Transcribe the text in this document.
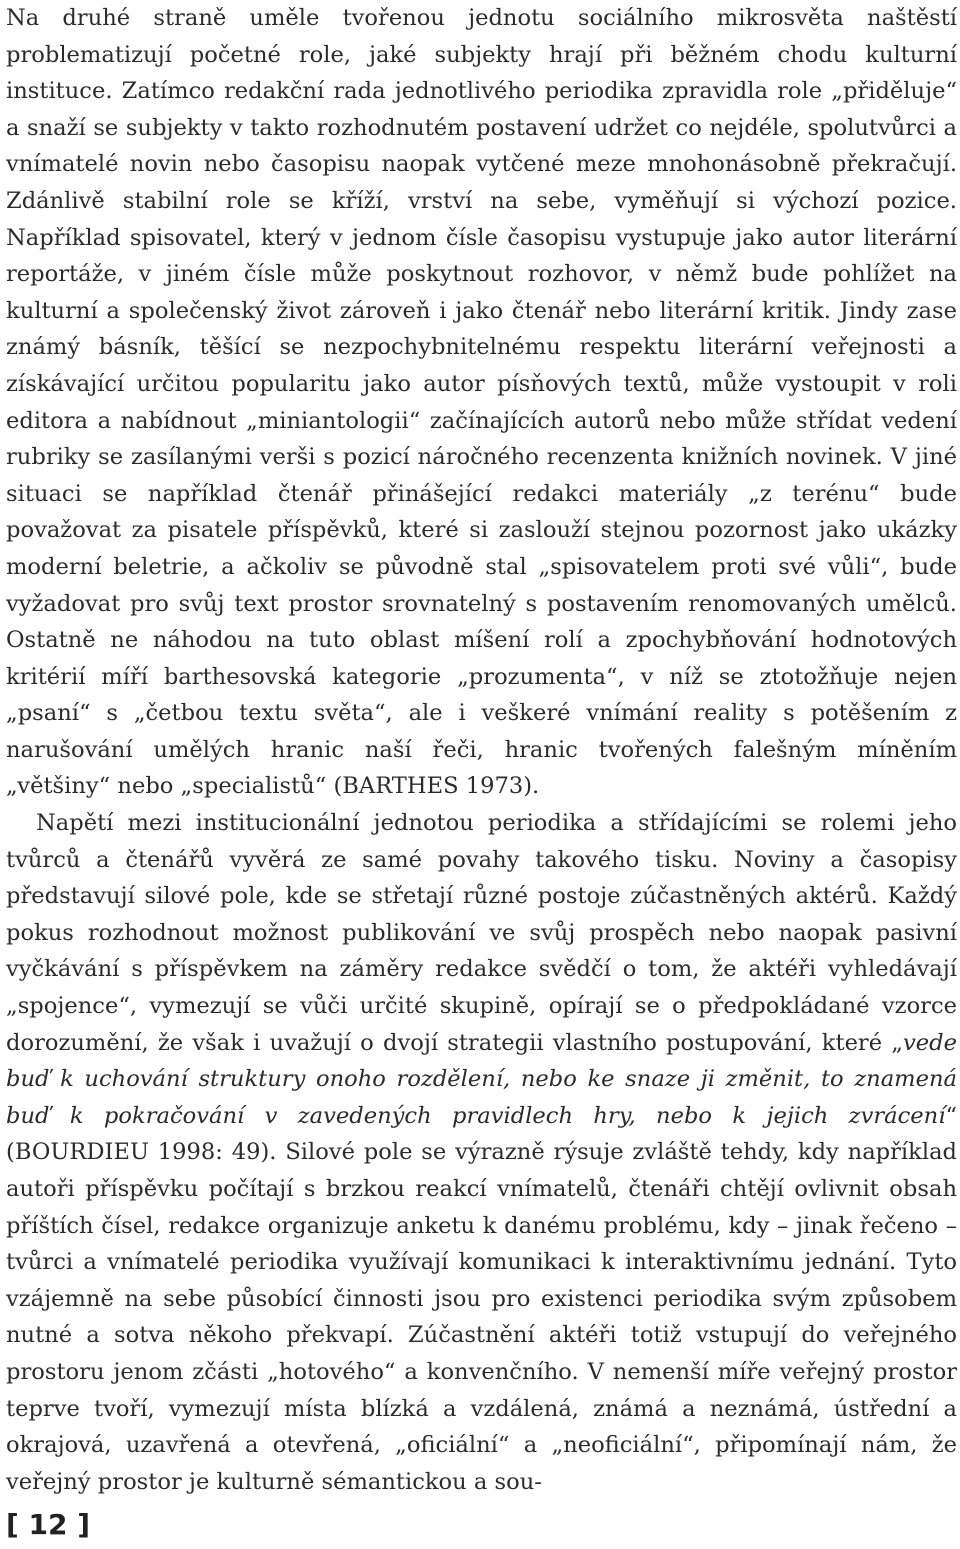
Na druhé straně uměle tvořenou jednotu sociálního mikrosvěta naštěstí problematizují početné role, jaké subjekty hrají při běžném chodu kulturní instituce. Zatímco redakční rada jednotlivého periodika zpravidla role „přiděluje“ a snaží se subjekty v takto rozhodnutém postavení udržet co nejdéle, spolutvůrci a vnímatelé novin nebo časopisu naopak vytčené meze mnohonásobně překračují. Zdánlivě stabilní role se kříží, vrství na sebe, vyměňují si výchozí pozice. Například spisovatel, který v jednom čísle časopisu vystupuje jako autor literární reportáže, v jiném čísle může poskytnout rozhovor, v němž bude pohlížet na kulturní a společenský život zároveň i jako čtenář nebo literární kritik. Jindy zase známý básník, těšící se nezpochybnitelnému respektu literární veřejnosti a získávající určitou popularitu jako autor písňových textů, může vystoupit v roli editora a nabídnout „miniantologii“ začínajících autorů nebo může střídat vedení rubriky se zasílanými verši s pozicí náročného recenzenta knižních novinek. V jiné situaci se například čtenář přinášející redakci materiály „z terénu“ bude považovat za pisatele příspěvků, které si zaslouží stejnou pozornost jako ukázky moderní beletrie, a ačkoliv se původně stal „spisovatelem proti své vůli“, bude vyžadovat pro svůj text prostor srovnatelný s postavením renomovaných umělců. Ostatně ne náhodou na tuto oblast míšení rolí a zpochybňování hodnotových kritérií míří barthesovská kategorie „prozumenta“, v níž se ztotožňuje nejen „psaní“ s „četbou textu světa“, ale i veškeré vnímání reality s potěšením z narušování umělých hranic naší řeči, hranic tvořených falešným míněním „většiny“ nebo „specialistů“ (BARTHES 1973).

Napětí mezi institucionální jednotou periodika a střídajícími se rolemi jeho tvůrců a čtenářů vyvěrá ze samé povahy takového tisku. Noviny a časopisy představují silové pole, kde se střetají různé postoje zúčastněných aktérů. Každý pokus rozhodnout možnost publikování ve svůj prospěch nebo naopak pasivní vyčkávání s příspěvkem na záměry redakce svědčí o tom, že aktéři vyhledávají „spojence“, vymezují se vůči určité skupině, opírají se o předpokládané vzorce dorozumění, že však i uvažují o dvojí strategii vlastního postupování, které „vede buď k uchování struktury onoho rozdělení, nebo ke snaze ji změnit, to znamená buď k pokračování v zavedených pravidlech hry, nebo k jejich zvrácení“ (BOURDIEU 1998: 49). Silové pole se výrazně rýsuje zvláště tehdy, kdy například autoři příspěvku počítají s brzkou reakcí vnímatelů, čtenáři chtějí ovlivnit obsah příštích čísel, redakce organizuje anketu k danému problému, kdy – jinak řečeno – tvůrci a vnímatelé periodika využívají komunikaci k interaktivnímu jednání. Tyto vzájemně na sebe působící činnosti jsou pro existenci periodika svým způsobem nutné a sotva někoho překvapí. Zúčastnění aktéři totiž vstupují do veřejného prostoru jenom zčásti „hotového“ a konvenčního. V nemenší míře veřejný prostor teprve tvoří, vymezují místa blízká a vzdálená, známá a neznámá, ústřední a okrajová, uzavřená a otevřená, „oficiální“ a „neoficiální“, připomínají nám, že veřejný prostor je kulturně sémantickou a sou-

[ 12 ]
